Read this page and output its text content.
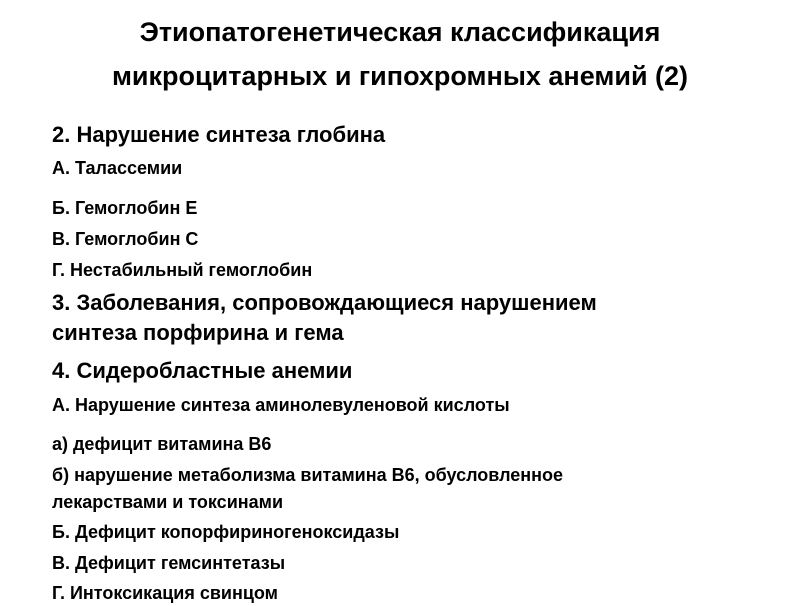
Этиопатогенетическая классификация
микроцитарных и гипохромных анемий (2)

2. Нарушение синтеза глобина

А. Талассемии

Б. Гемоглобин Е

В. Гемоглобин С

Г. Нестабильный гемоглобин

3. Заболевания, сопровождающиеся нарушением

синтеза порфирина и гема

4. Сидеробластные анемии

А. Нарушение синтеза аминолевуленовой кислоты

а) дефицит витамина В6

б) нарушение метаболизма витамина В6, обусловленное

лекарствами и токсинами

Б. Дефицит копорфириногеноксидазы

В. Дефицит гемсинтетазы

Г. Интоксикация свинцом
